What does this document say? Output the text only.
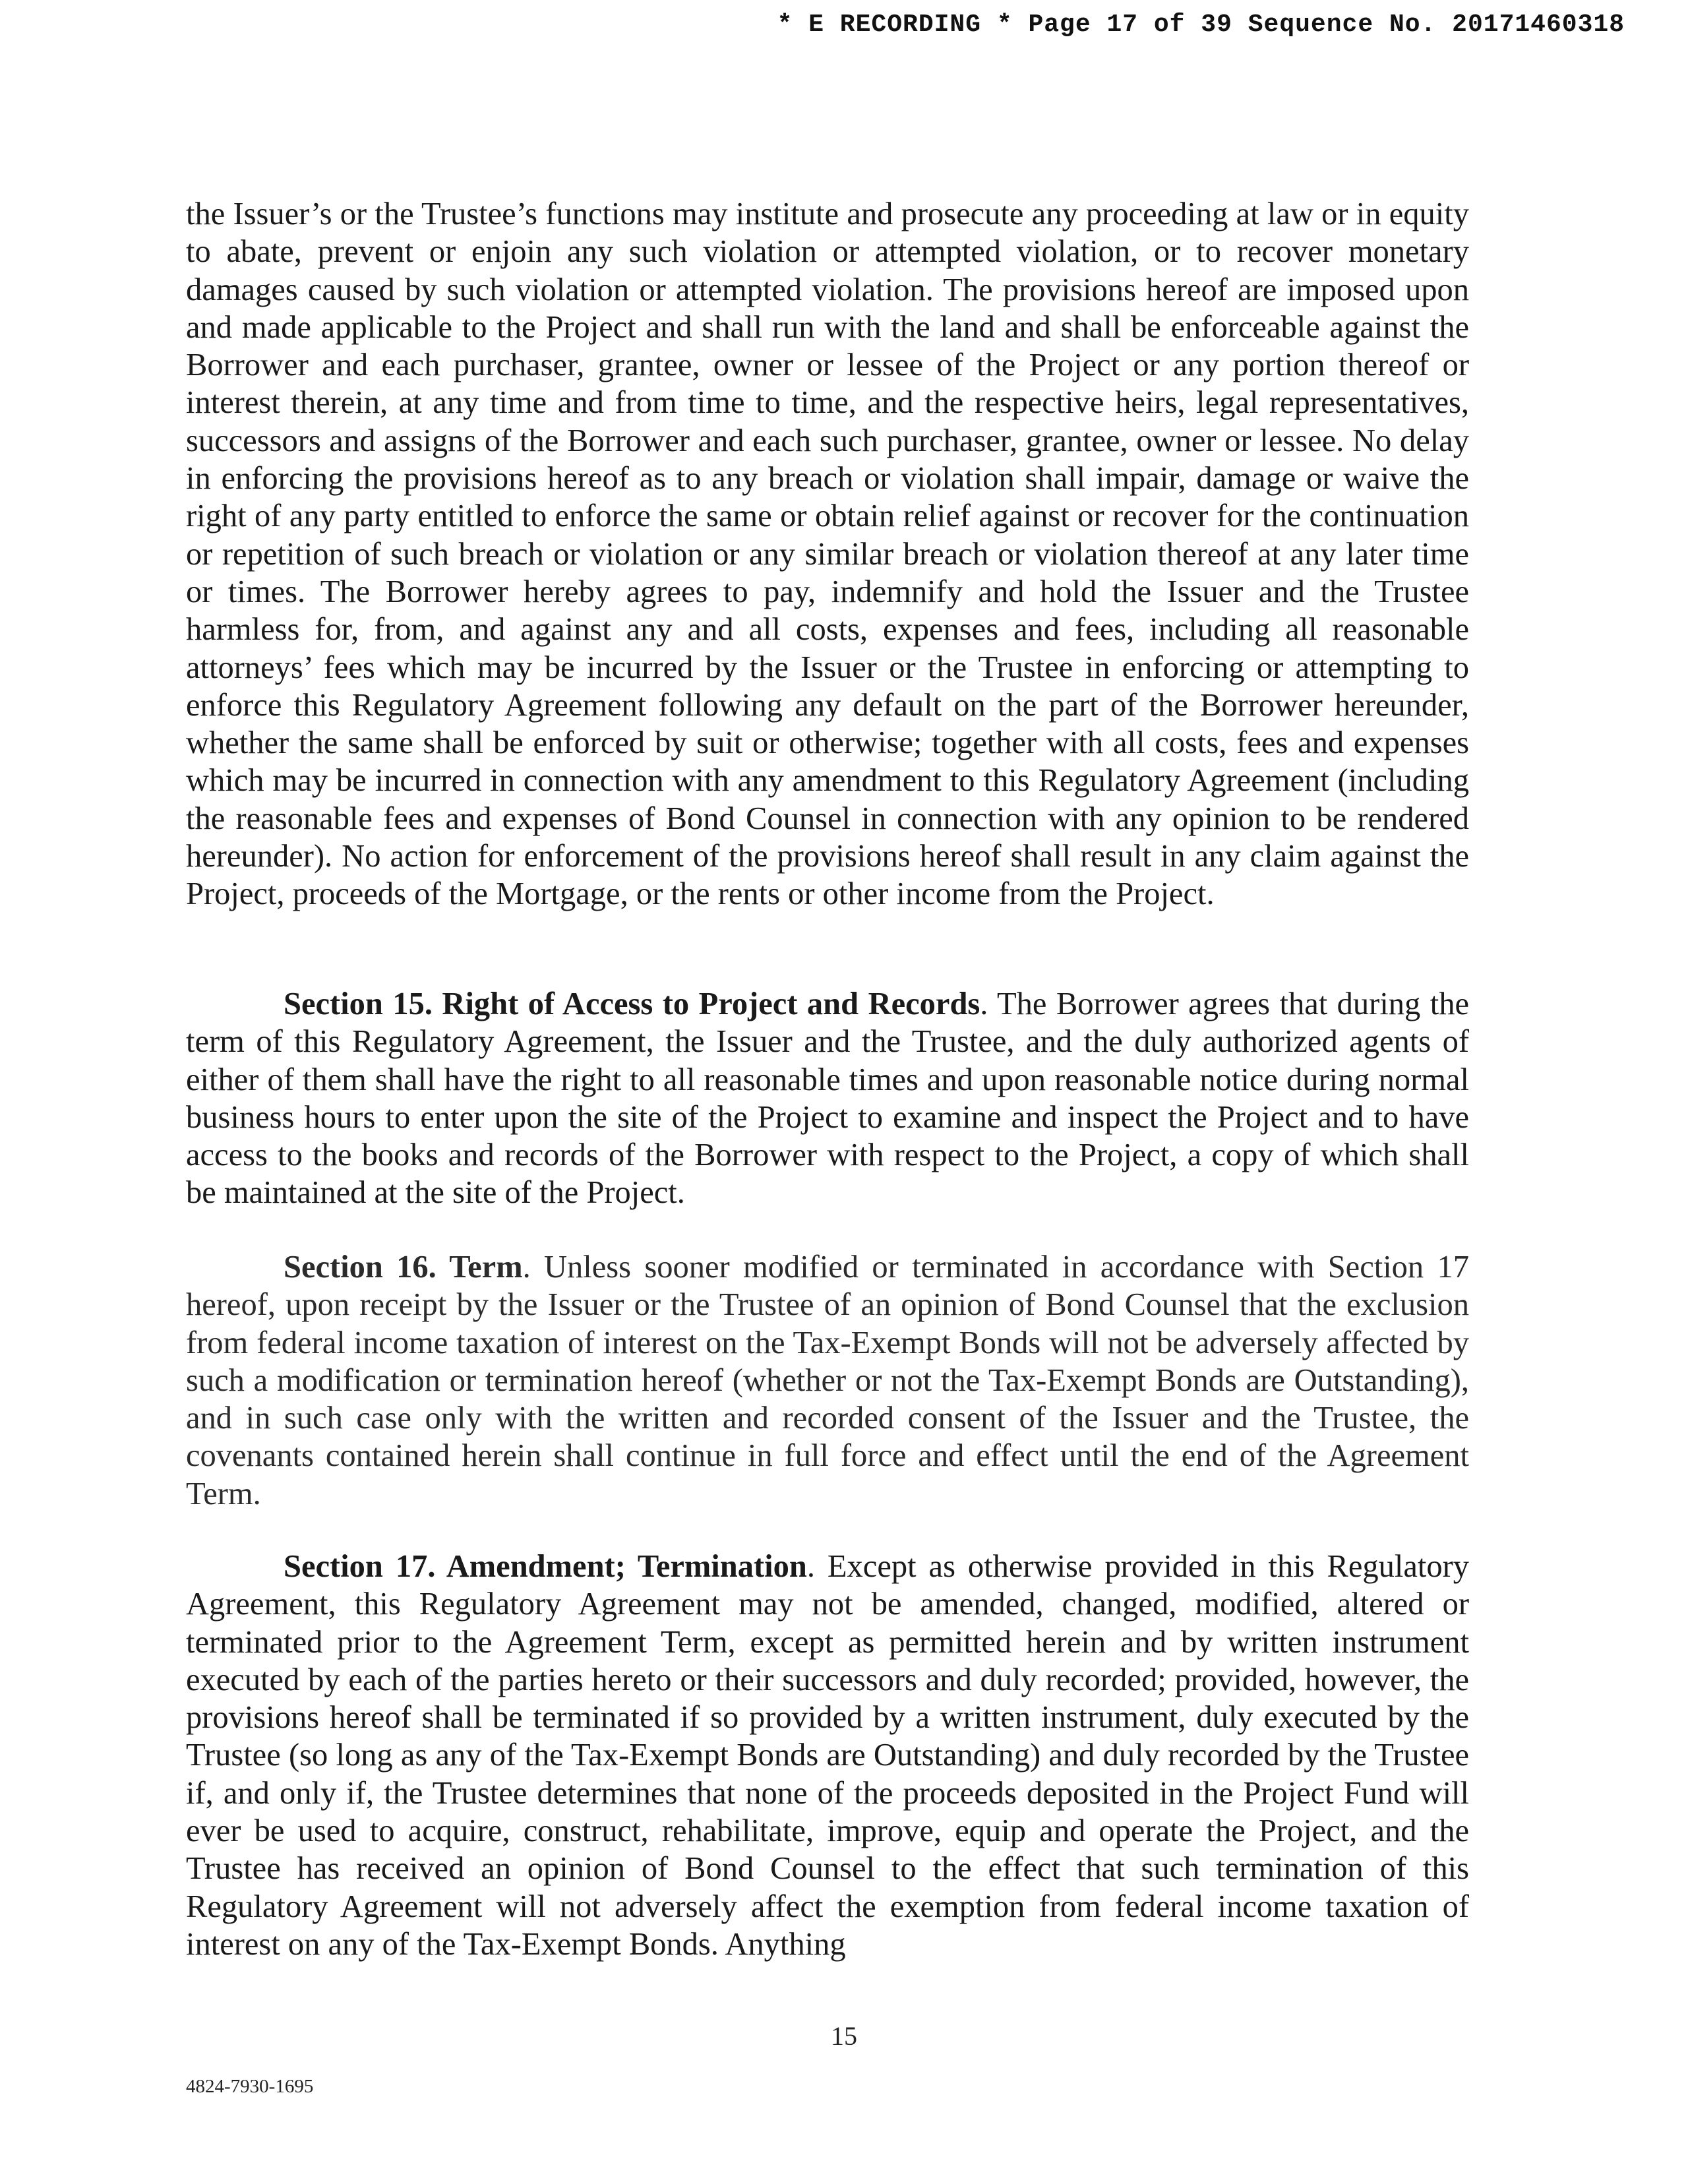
* E RECORDING * Page 17 of 39 Sequence No. 20171460318

the Issuer’s or the Trustee’s functions may institute and prosecute any proceeding at law or in equity to abate, prevent or enjoin any such violation or attempted violation, or to recover monetary damages caused by such violation or attempted violation. The provisions hereof are imposed upon and made applicable to the Project and shall run with the land and shall be enforceable against the Borrower and each purchaser, grantee, owner or lessee of the Project or any portion thereof or interest therein, at any time and from time to time, and the respective heirs, legal representatives, successors and assigns of the Borrower and each such purchaser, grantee, owner or lessee. No delay in enforcing the provisions hereof as to any breach or violation shall impair, damage or waive the right of any party entitled to enforce the same or obtain relief against or recover for the continuation or repetition of such breach or violation or any similar breach or violation thereof at any later time or times. The Borrower hereby agrees to pay, indemnify and hold the Issuer and the Trustee harmless for, from, and against any and all costs, expenses and fees, including all reasonable attorneys’ fees which may be incurred by the Issuer or the Trustee in enforcing or attempting to enforce this Regulatory Agreement following any default on the part of the Borrower hereunder, whether the same shall be enforced by suit or otherwise; together with all costs, fees and expenses which may be incurred in connection with any amendment to this Regulatory Agreement (including the reasonable fees and expenses of Bond Counsel in connection with any opinion to be rendered hereunder). No action for enforcement of the provisions hereof shall result in any claim against the Project, proceeds of the Mortgage, or the rents or other income from the Project.

Section 15. Right of Access to Project and Records. The Borrower agrees that during the term of this Regulatory Agreement, the Issuer and the Trustee, and the duly authorized agents of either of them shall have the right to all reasonable times and upon reasonable notice during normal business hours to enter upon the site of the Project to examine and inspect the Project and to have access to the books and records of the Borrower with respect to the Project, a copy of which shall be maintained at the site of the Project.

Section 16. Term. Unless sooner modified or terminated in accordance with Section 17 hereof, upon receipt by the Issuer or the Trustee of an opinion of Bond Counsel that the exclusion from federal income taxation of interest on the Tax-Exempt Bonds will not be adversely affected by such a modification or termination hereof (whether or not the Tax-Exempt Bonds are Outstanding), and in such case only with the written and recorded consent of the Issuer and the Trustee, the covenants contained herein shall continue in full force and effect until the end of the Agreement Term.

Section 17. Amendment; Termination. Except as otherwise provided in this Regulatory Agreement, this Regulatory Agreement may not be amended, changed, modified, altered or terminated prior to the Agreement Term, except as permitted herein and by written instrument executed by each of the parties hereto or their successors and duly recorded; provided, however, the provisions hereof shall be terminated if so provided by a written instrument, duly executed by the Trustee (so long as any of the Tax-Exempt Bonds are Outstanding) and duly recorded by the Trustee if, and only if, the Trustee determines that none of the proceeds deposited in the Project Fund will ever be used to acquire, construct, rehabilitate, improve, equip and operate the Project, and the Trustee has received an opinion of Bond Counsel to the effect that such termination of this Regulatory Agreement will not adversely affect the exemption from federal income taxation of interest on any of the Tax-Exempt Bonds. Anything

15
4824-7930-1695
